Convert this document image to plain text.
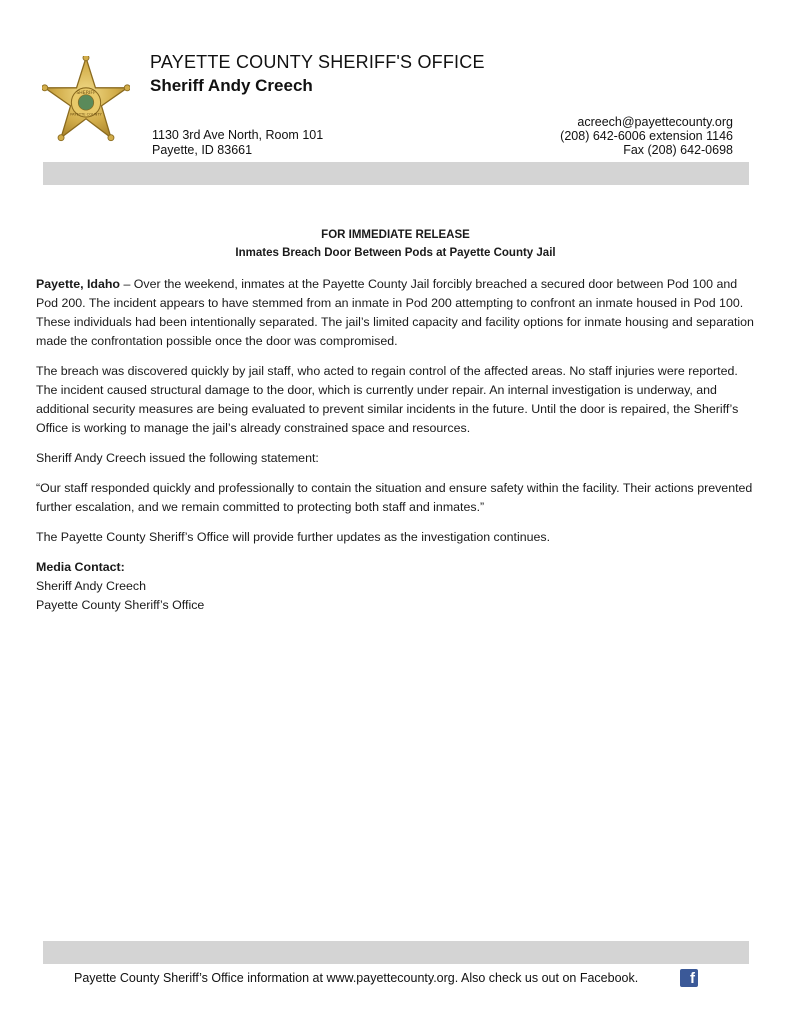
SHERIFF
PAYETTE COUNTY
PAYETTE COUNTY SHERIFF'S OFFICE
Sheriff Andy Creech
1130 3rd Ave North, Room 101
Payette, ID 83661
acreech@payettecounty.org
(208) 642-6006 extension 1146
Fax (208) 642-0698
FOR IMMEDIATE RELEASE
Inmates Breach Door Between Pods at Payette County Jail

Payette, Idaho – Over the weekend, inmates at the Payette County Jail forcibly breached a secured door between Pod 100 and Pod 200. The incident appears to have stemmed from an inmate in Pod 200 attempting to confront an inmate housed in Pod 100. These individuals had been intentionally separated. The jail’s limited capacity and facility options for inmate housing and separation made the confrontation possible once the door was compromised.

The breach was discovered quickly by jail staff, who acted to regain control of the affected areas. No staff injuries were reported. The incident caused structural damage to the door, which is currently under repair. An internal investigation is underway, and additional security measures are being evaluated to prevent similar incidents in the future. Until the door is repaired, the Sheriff’s Office is working to manage the jail’s already constrained space and resources.

Sheriff Andy Creech issued the following statement:

“Our staff responded quickly and professionally to contain the situation and ensure safety within the facility. Their actions prevented further escalation, and we remain committed to protecting both staff and inmates.”

The Payette County Sheriff’s Office will provide further updates as the investigation continues.

Media Contact:

Sheriff Andy Creech

Payette County Sheriff’s Office

Payette County Sheriff’s Office information at www.payettecounty.org. Also check us out on Facebook.	f
